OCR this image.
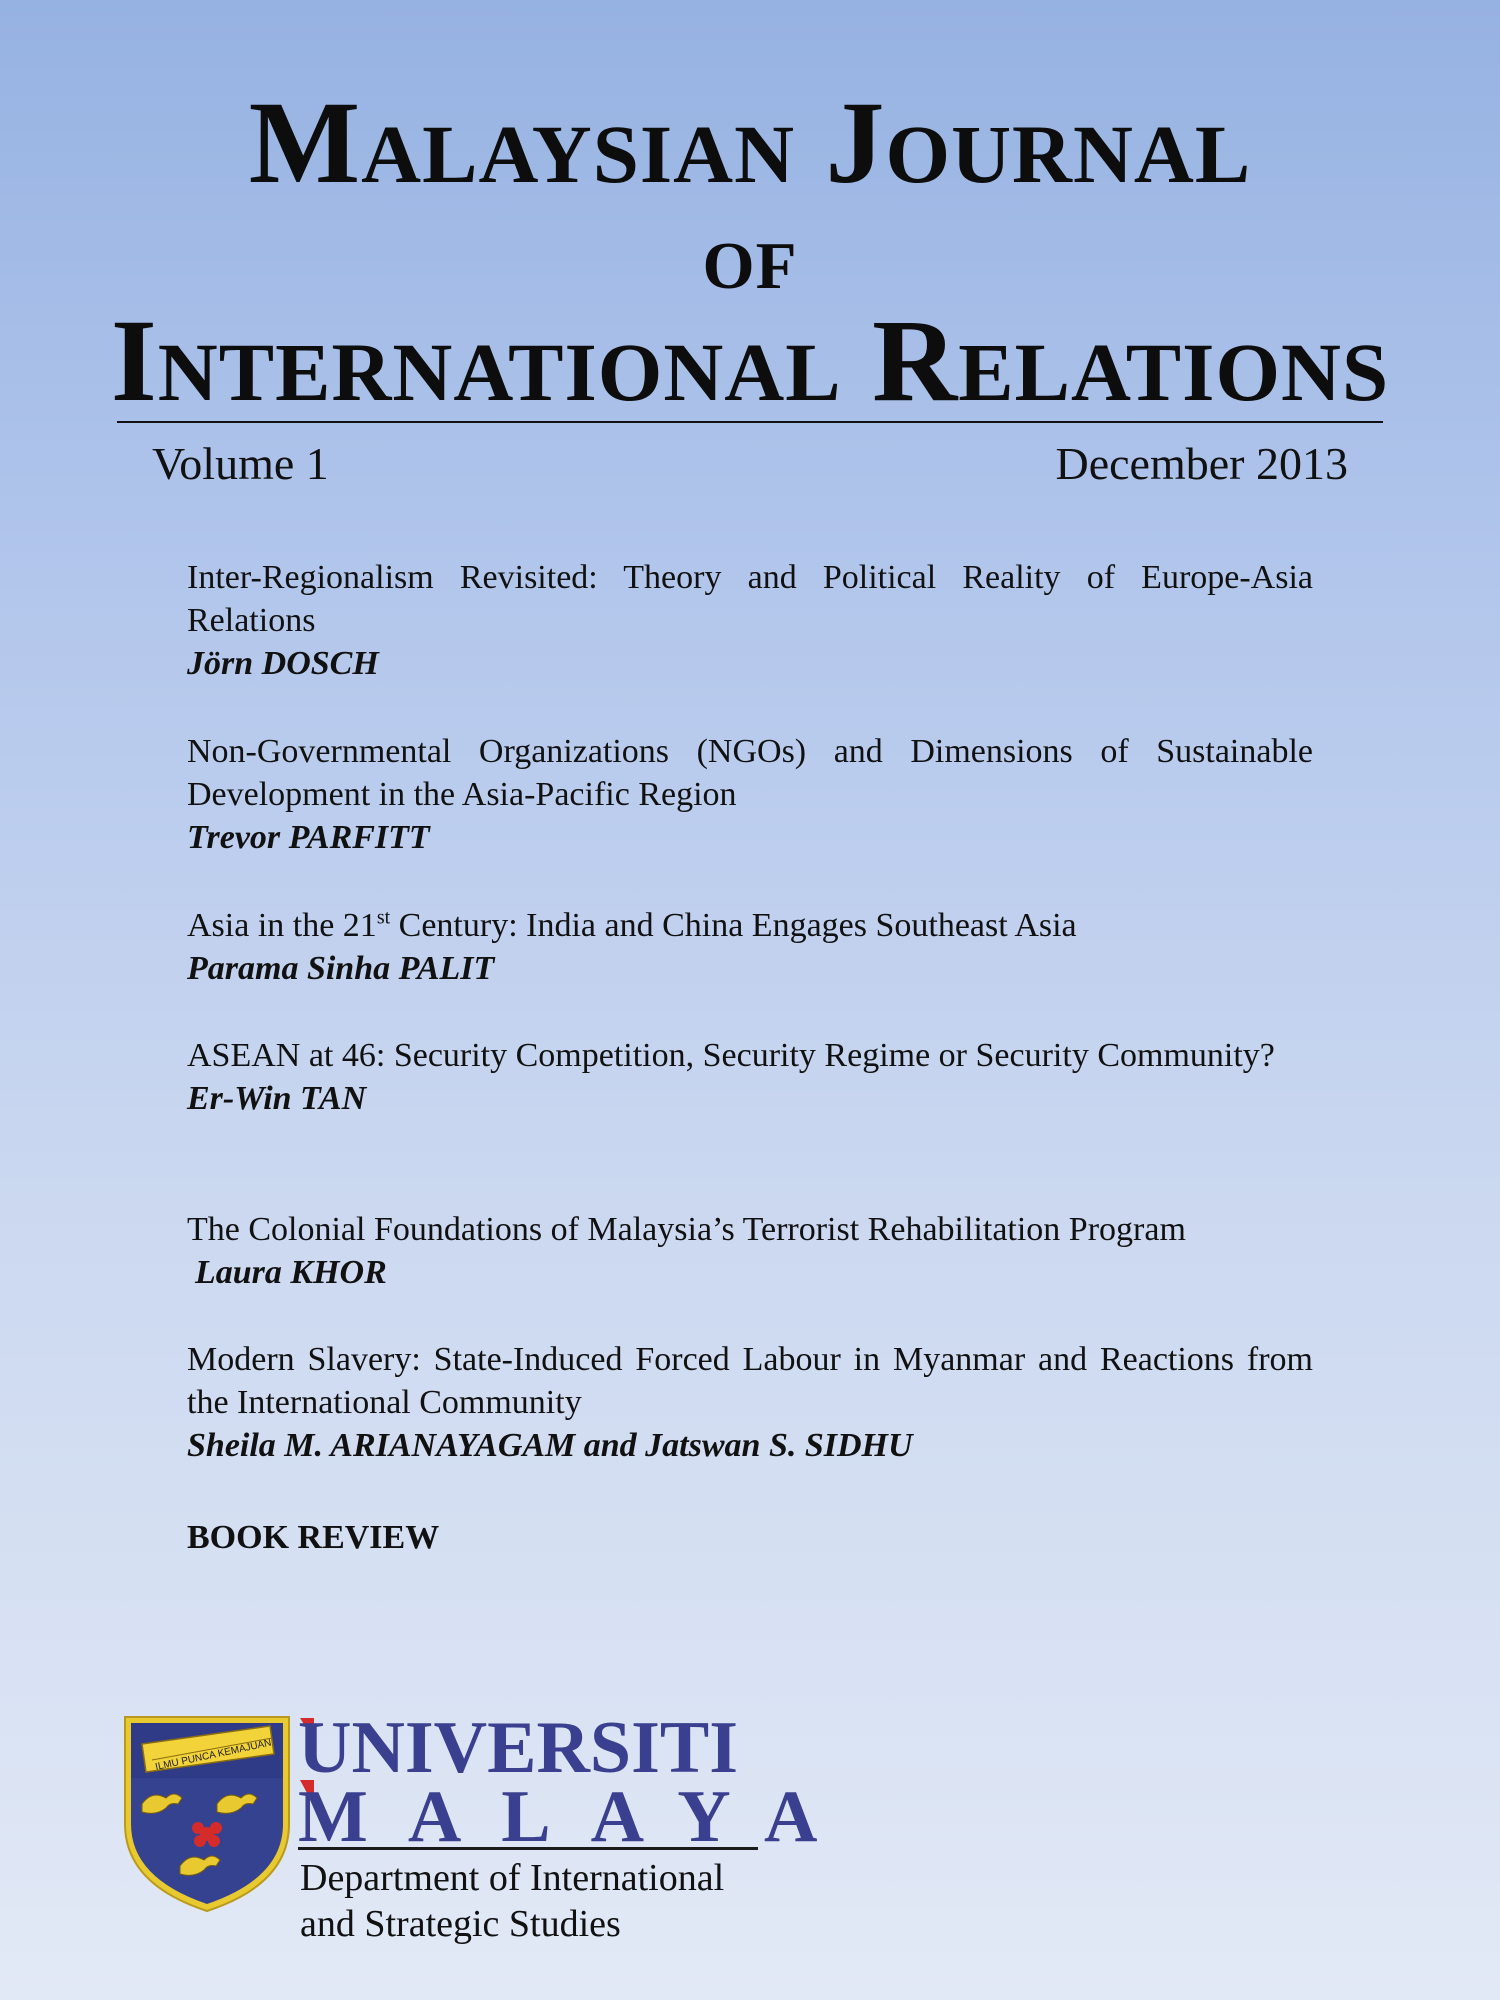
Malaysian Journal
of
International Relations
Volume 1	December 2013
Inter-Regionalism Revisited: Theory and Political Reality of Europe-Asia Relations
Jörn DOSCH
Non-Governmental Organizations (NGOs) and Dimensions of Sustainable Development in the Asia-Pacific Region
Trevor PARFITT
Asia in the 21st Century: India and China Engages Southeast Asia
Parama Sinha PALIT
ASEAN at 46: Security Competition, Security Regime or Security Community?
Er-Win TAN
The Colonial Foundations of Malaysia’s Terrorist Rehabilitation Program
Laura KHOR
Modern Slavery: State-Induced Forced Labour in Myanmar and Reactions from the International Community
Sheila M. ARIANAYAGAM and Jatswan S. SIDHU
BOOK REVIEW
ILMU PUNCA KEMAJUAN UNIVERSITI
MALAYA
Department of International
and Strategic Studies
